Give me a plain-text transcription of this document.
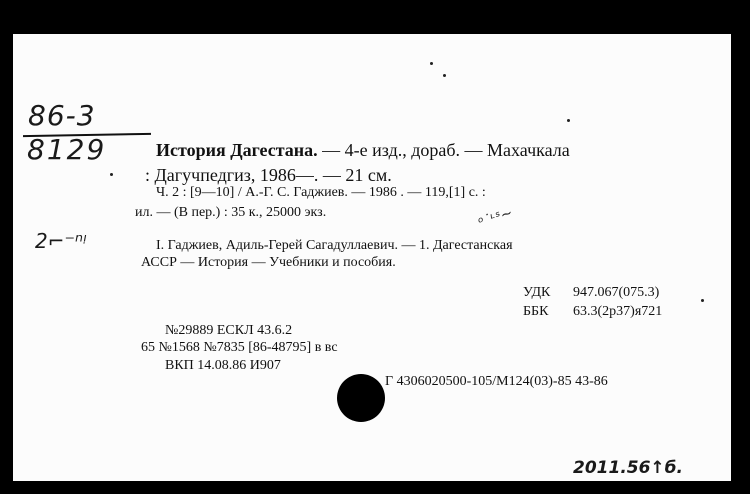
86-3
8129
2⌐⁻ⁿᵎ
ᵒ˙ᶫˢ~
2011.56↑б.
История Дагестана. — 4-е изд., дораб. — Махачкала
: Дагучпедгиз, 1986—. — 21 см.
Ч. 2 : [9—10] / А.-Г. С. Гаджиев. — 1986 . — 119,[1] с. :
ил. — (В пер.) : 35 к., 25000 экз.
I. Гаджиев, Адиль-Герей Сагадуллаевич. — 1. Дагестанская
АССР — История — Учебники и пособия.
УДК 947.067(075.3)
ББК 63.3(2р37)я721
№29889 ЕСКЛ 43.6.2
65 №1568 №7835 [86-48795] в вс
ВКП 14.08.86 И907
Г 4306020500-105/М124(03)-85 43-86
